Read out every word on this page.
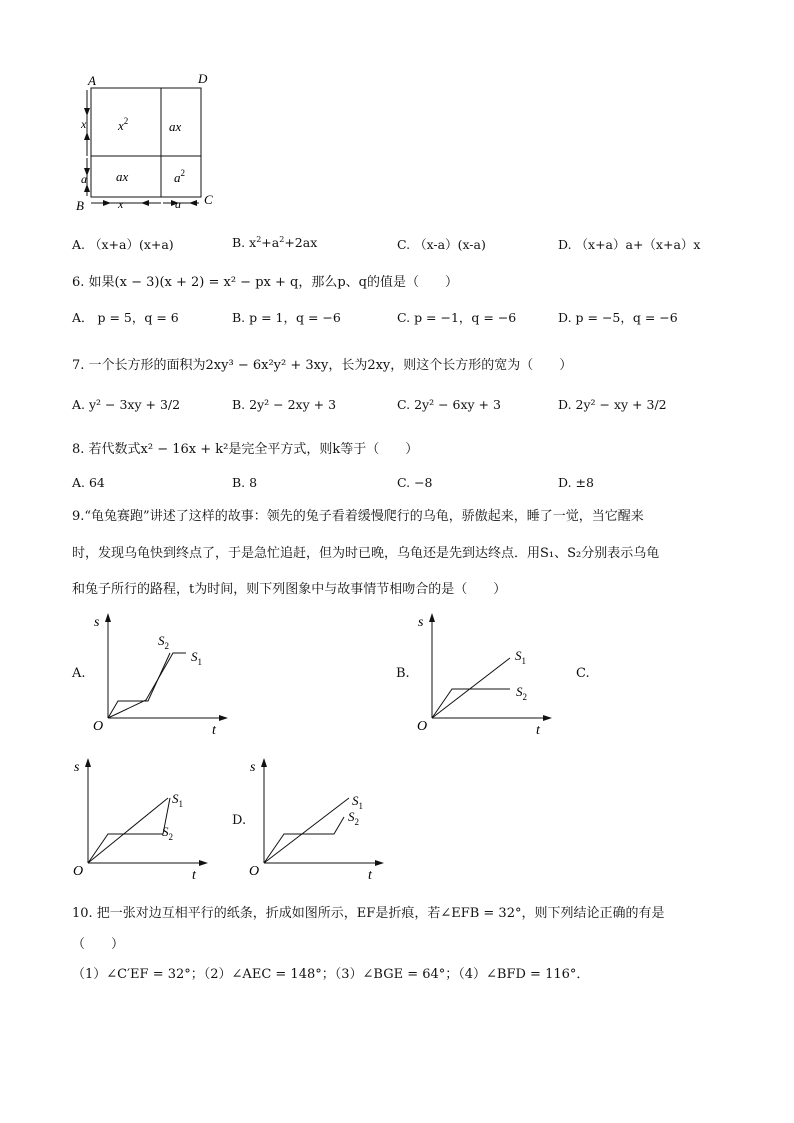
A	D
B	C
x
a
x	a
$x^2$	ax
ax	$a^2$
A. （x+a）(x+a)	B. $x^2+a^2+2ax$	C. （x-a）(x-a)	D. （x+a）a+（x+a）x
6. 如果(x − 3)(x + 2) = x² − px + q，那么p、q的值是（　　）
A． p = 5，q = 6	B. p = 1，q = −6	C. p = −1，q = −6	D. p = −5，q = −6
7. 一个长方形的面积为2xy³ − 6x²y² + 3xy，长为2xy，则这个长方形的宽为（　　）
A. y² − 3xy + 3/2	B. 2y² − 2xy + 3	C. 2y² − 6xy + 3	D. 2y² − xy + 3/2
8. 若代数式x² − 16x + k²是完全平方式，则k等于（　　）
A. 64	B. 8	C. −8	D. ±8
9.“龟兔赛跑”讲述了这样的故事：领先的兔子看着缓慢爬行的乌龟，骄傲起来，睡了一觉，当它醒来
时，发现乌龟快到终点了，于是急忙追赶，但为时已晚，乌龟还是先到达终点．用S₁、S₂分别表示乌龟
和兔子所行的路程，t为时间，则下列图象中与故事情节相吻合的是（　　）
A.	B.	C.
D.
s
t
O
$S_2$
$S_1$
s
t
O
$S_1$
$S_2$
s
t
O
$S_1$
$S_2$
s
t
O
$S_1$
$S_2$
10. 把一张对边互相平行的纸条，折成如图所示，EF是折痕，若∠EFB = 32°，则下列结论正确的有是
（　　）
（1）∠C′EF = 32°；（2）∠AEC = 148°；（3）∠BGE = 64°；（4）∠BFD = 116°．
